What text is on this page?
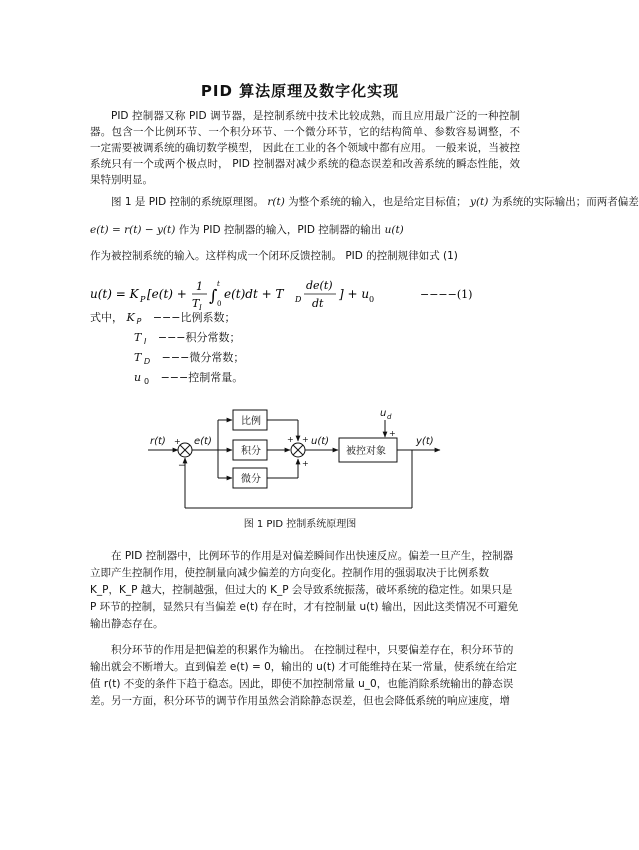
PID 算法原理及数字化实现

PID 控制器又称 PID 调节器，是控制系统中技术比较成熟，而且应用最广泛的一种控制器。包含一个比例环节、一个积分环节、一个微分环节，它的结构简单、参数容易调整，不一定需要被调系统的确切数学模型， 因此在工业的各个领域中都有应用。 一般来说，当被控系统只有一个或两个极点时， PID 控制器对减少系统的稳态误差和改善系统的瞬态性能，效果特别明显。

图 1 是 PID 控制的系统原理图。 r(t) 为整个系统的输入，也是给定目标值； y(t) 为系统的实际输出；而两者偏差
e(t) = r(t) − y(t) 作为 PID 控制器的输入，PID 控制器的输出 u(t)
作为被控制系统的输入。这样构成一个闭环反馈控制。 PID 的控制规律如式 (1)
u(t) = K P [e(t) +
1
T I
∫
t
0
e(t)dt + T D
de(t)
dt
] + u 0	−−−−(1)
式中， K $_P$ −−−比例系数；
T $_I$ −−−积分常数；
T $_D$ −−−微分常数；
u $_0$ −−−控制常量。
r(t) +
−
e(t)
比例
积分
微分
+ +
+
u(t)
被控对象
u d
+
y(t)
图 1 PID 控制系统原理图

在 PID 控制器中，比例环节的作用是对偏差瞬间作出快速反应。偏差一旦产生，控制器立即产生控制作用，使控制量向减少偏差的方向变化。控制作用的强弱取决于比例系数 K_P，K_P 越大，控制越强，但过大的 K_P 会导致系统振荡，破坏系统的稳定性。如果只是 P 环节的控制，显然只有当偏差 e(t) 存在时，才有控制量 u(t) 输出，因此这类情况不可避免输出静态存在。

积分环节的作用是把偏差的积累作为输出。 在控制过程中，只要偏差存在，积分环节的输出就会不断增大。直到偏差 e(t) = 0，输出的 u(t) 才可能维持在某一常量，使系统在给定值 r(t) 不变的条件下趋于稳态。因此，即使不加控制常量 u_0，也能消除系统输出的静态误差。另一方面，积分环节的调节作用虽然会消除静态误差，但也会降低系统的响应速度，增
